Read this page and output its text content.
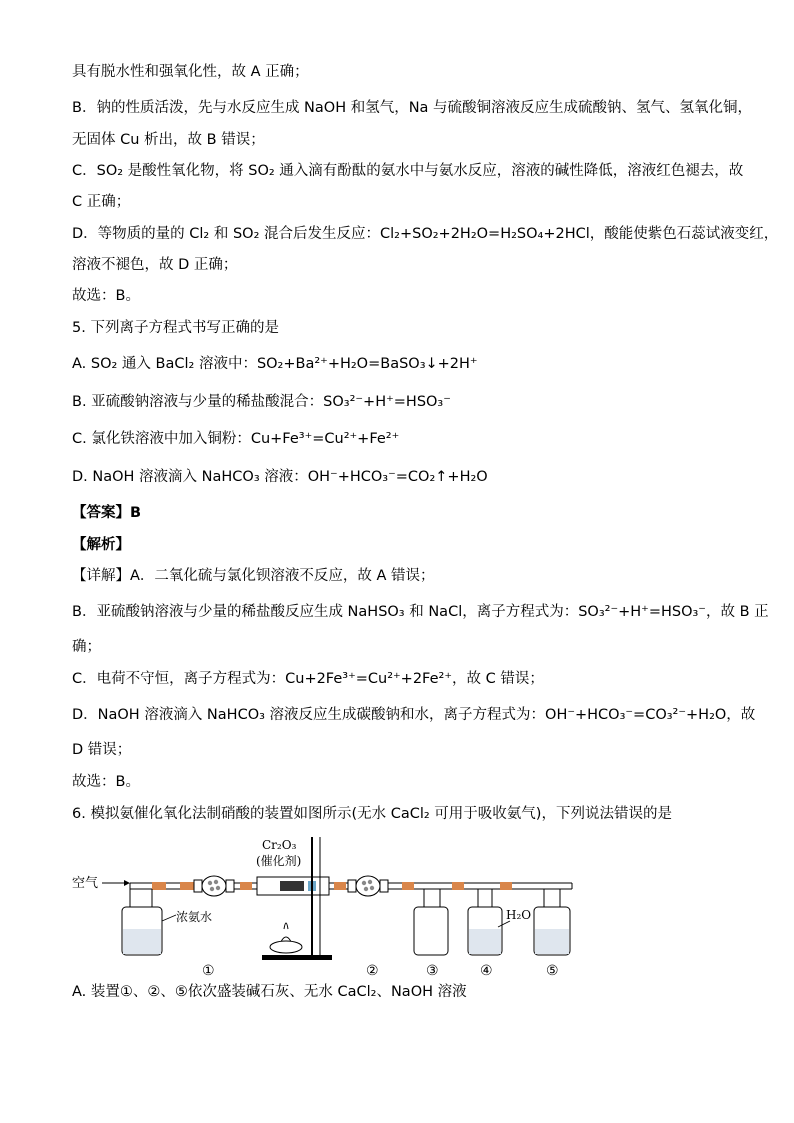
具有脱水性和强氧化性，故 A 正确；
B．钠的性质活泼，先与水反应生成 NaOH 和氢气，Na 与硫酸铜溶液反应生成硫酸钠、氢气、氢氧化铜，
无固体 Cu 析出，故 B 错误；
C．SO₂ 是酸性氧化物，将 SO₂ 通入滴有酚酞的氨水中与氨水反应，溶液的碱性降低，溶液红色褪去，故
C 正确；
D．等物质的量的 Cl₂ 和 SO₂ 混合后发生反应：Cl₂+SO₂+2H₂O=H₂SO₄+2HCl，酸能使紫色石蕊试液变红，
溶液不褪色，故 D 正确；
故选：B。
5. 下列离子方程式书写正确的是
A. SO₂ 通入 BaCl₂ 溶液中：SO₂+Ba²⁺+H₂O=BaSO₃↓+2H⁺
B. 亚硫酸钠溶液与少量的稀盐酸混合：SO₃²⁻+H⁺=HSO₃⁻
C. 氯化铁溶液中加入铜粉：Cu+Fe³⁺=Cu²⁺+Fe²⁺
D. NaOH 溶液滴入 NaHCO₃ 溶液：OH⁻+HCO₃⁻=CO₂↑+H₂O
【答案】B
【解析】
【详解】A．二氧化硫与氯化钡溶液不反应，故 A 错误；
B．亚硫酸钠溶液与少量的稀盐酸反应生成 NaHSO₃ 和 NaCl，离子方程式为：SO₃²⁻+H⁺=HSO₃⁻，故 B 正
确；
C．电荷不守恒，离子方程式为：Cu+2Fe³⁺=Cu²⁺+2Fe²⁺，故 C 错误；
D．NaOH 溶液滴入 NaHCO₃ 溶液反应生成碳酸钠和水，离子方程式为：OH⁻+HCO₃⁻=CO₃²⁻+H₂O，故
D 错误；
故选：B。
6. 模拟氨催化氧化法制硝酸的装置如图所示(无水 CaCl₂ 可用于吸收氨气)，下列说法错误的是
空气
Cr₂O₃
(催化剂)
浓氨水	H₂O
①	②	③	④	⑤
A. 装置①、②、⑤依次盛装碱石灰、无水 CaCl₂、NaOH 溶液
